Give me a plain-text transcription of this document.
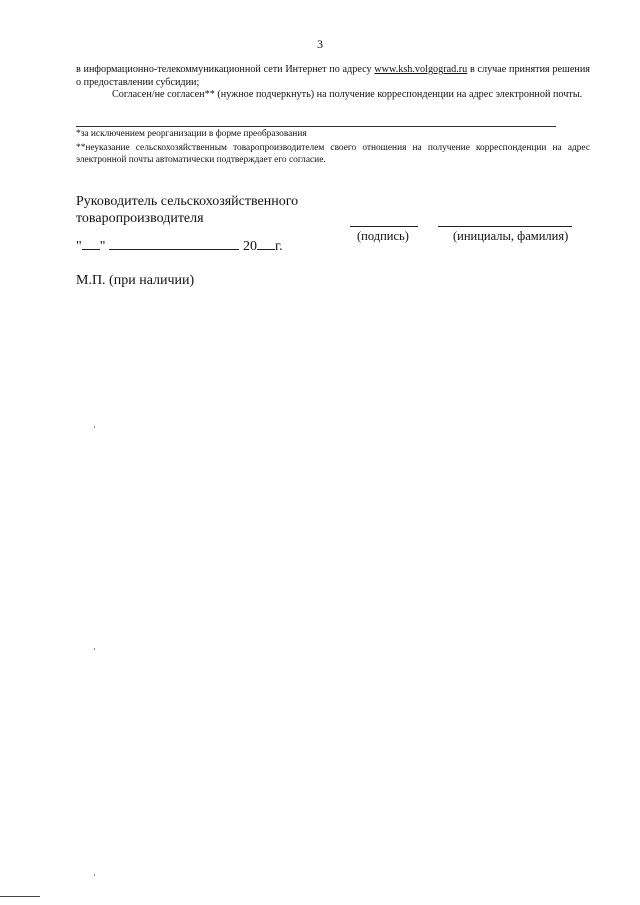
3
в информационно-телекоммуникационной сети Интернет по адресу www.ksh.volgograd.ru в случае принятия решения о предоставлении субсидии;
Согласен/не согласен** (нужное подчеркнуть) на получение корреспонденции на адрес электронной почты.
*за исключением реорганизации в форме преобразования
**неуказание сельскохозяйственным товаропроизводителем своего отношения на получение корреспонденции на адрес электронной почты автоматически подтверждает его согласие.
Руководитель сельскохозяйственного
товаропроизводителя
(подпись)	(инициалы, фамилия)
" "	20 г.
М.П. (при наличии)
